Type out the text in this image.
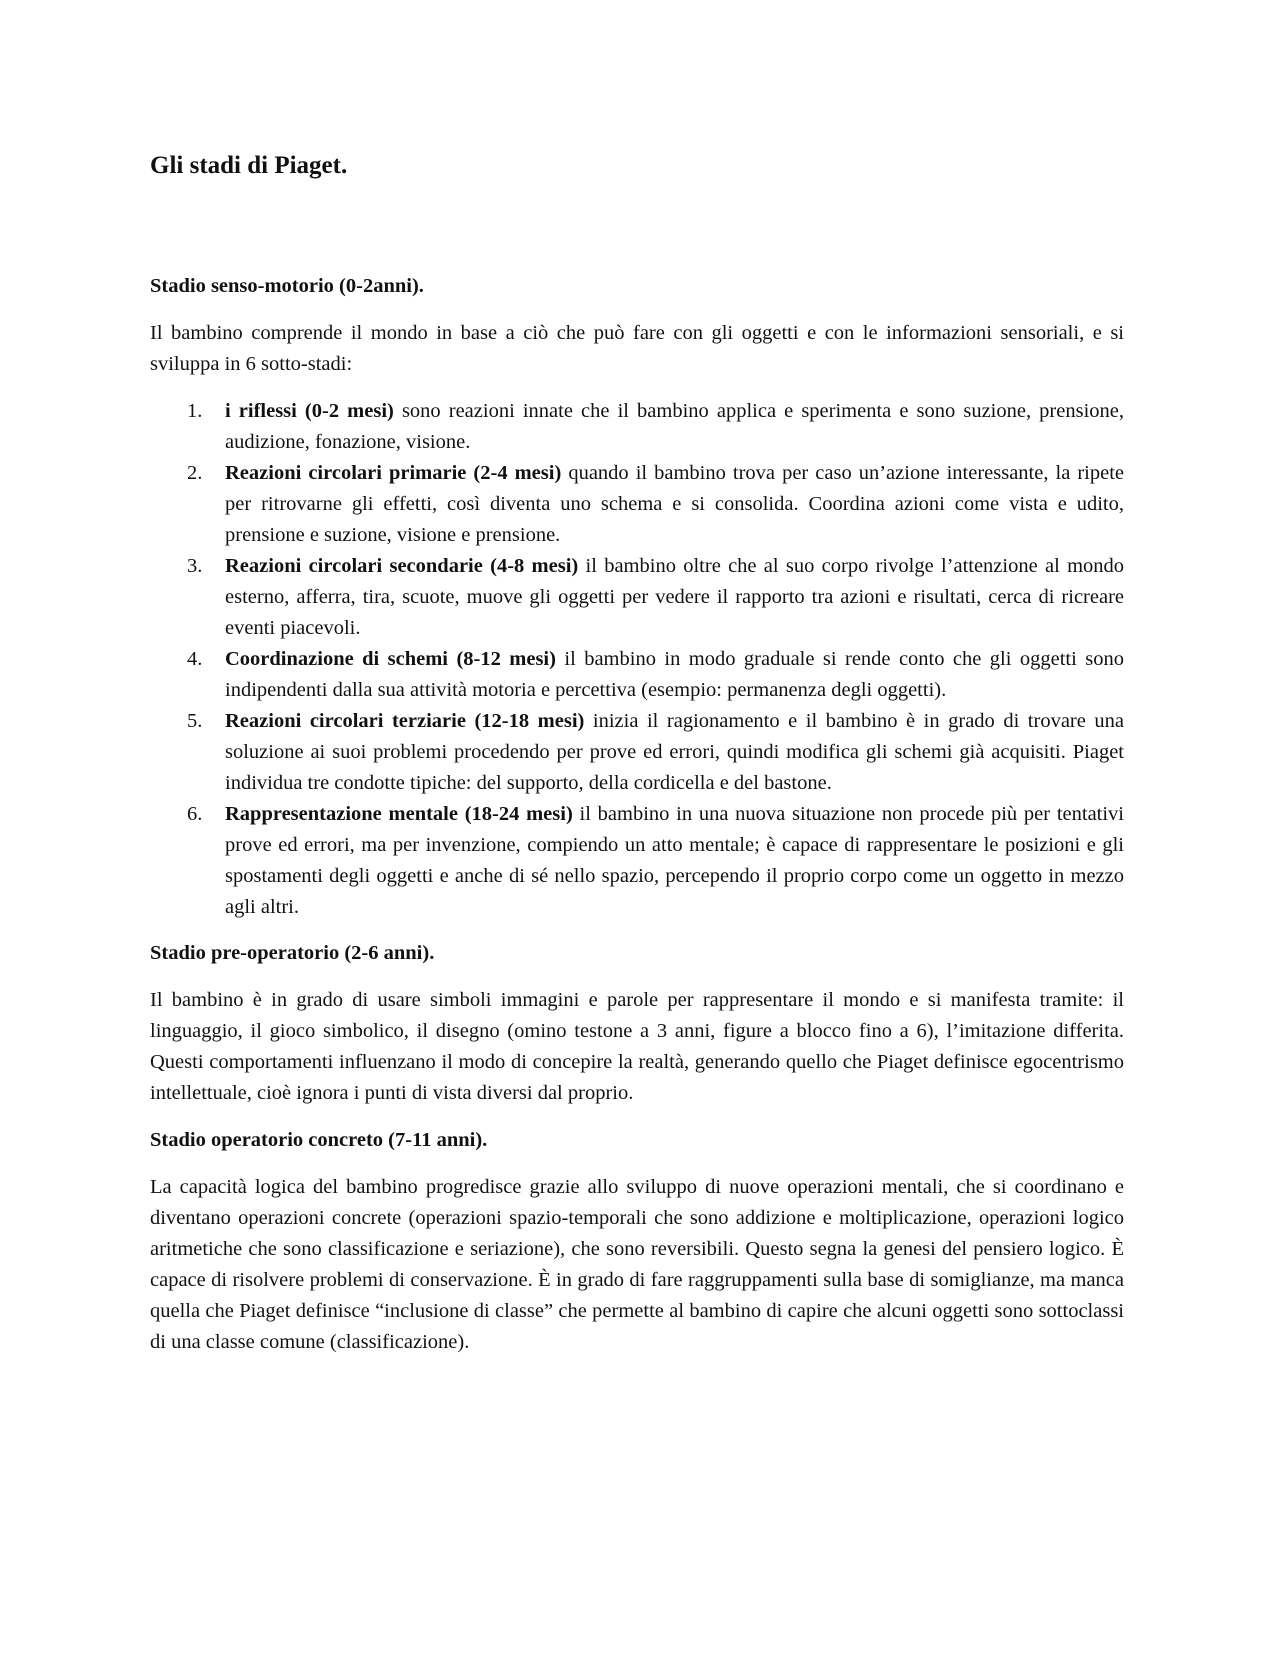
Gli stadi di Piaget.
Stadio senso-motorio (0-2anni).

Il bambino comprende il mondo in base a ciò che può fare con gli oggetti e con le informazioni sensoriali, e si sviluppa in 6 sotto-stadi:

1. i riflessi (0-2 mesi) sono reazioni innate che il bambino applica e sperimenta e sono suzione, prensione, audizione, fonazione, visione.
2. Reazioni circolari primarie (2-4 mesi) quando il bambino trova per caso un’azione interessante, la ripete per ritrovarne gli effetti, così diventa uno schema e si consolida. Coordina azioni come vista e udito, prensione e suzione, visione e prensione.
3. Reazioni circolari secondarie (4-8 mesi) il bambino oltre che al suo corpo rivolge l’attenzione al mondo esterno, afferra, tira, scuote, muove gli oggetti per vedere il rapporto tra azioni e risultati, cerca di ricreare eventi piacevoli.
4. Coordinazione di schemi (8-12 mesi) il bambino in modo graduale si rende conto che gli oggetti sono indipendenti dalla sua attività motoria e percettiva (esempio: permanenza degli oggetti).
5. Reazioni circolari terziarie (12-18 mesi) inizia il ragionamento e il bambino è in grado di trovare una soluzione ai suoi problemi procedendo per prove ed errori, quindi modifica gli schemi già acquisiti. Piaget individua tre condotte tipiche: del supporto, della cordicella e del bastone.
6. Rappresentazione mentale (18-24 mesi) il bambino in una nuova situazione non procede più per tentativi prove ed errori, ma per invenzione, compiendo un atto mentale; è capace di rappresentare le posizioni e gli spostamenti degli oggetti e anche di sé nello spazio, percependo il proprio corpo come un oggetto in mezzo agli altri.
Stadio pre-operatorio (2-6 anni).

Il bambino è in grado di usare simboli immagini e parole per rappresentare il mondo e si manifesta tramite: il linguaggio, il gioco simbolico, il disegno (omino testone a 3 anni, figure a blocco fino a 6), l’imitazione differita. Questi comportamenti influenzano il modo di concepire la realtà, generando quello che Piaget definisce egocentrismo intellettuale, cioè ignora i punti di vista diversi dal proprio.

Stadio operatorio concreto (7-11 anni).

La capacità logica del bambino progredisce grazie allo sviluppo di nuove operazioni mentali, che si coordinano e diventano operazioni concrete (operazioni spazio-temporali che sono addizione e moltiplicazione, operazioni logico aritmetiche che sono classificazione e seriazione), che sono reversibili. Questo segna la genesi del pensiero logico. È capace di risolvere problemi di conservazione. È in grado di fare raggruppamenti sulla base di somiglianze, ma manca quella che Piaget definisce “inclusione di classe” che permette al bambino di capire che alcuni oggetti sono sottoclassi di una classe comune (classificazione).
